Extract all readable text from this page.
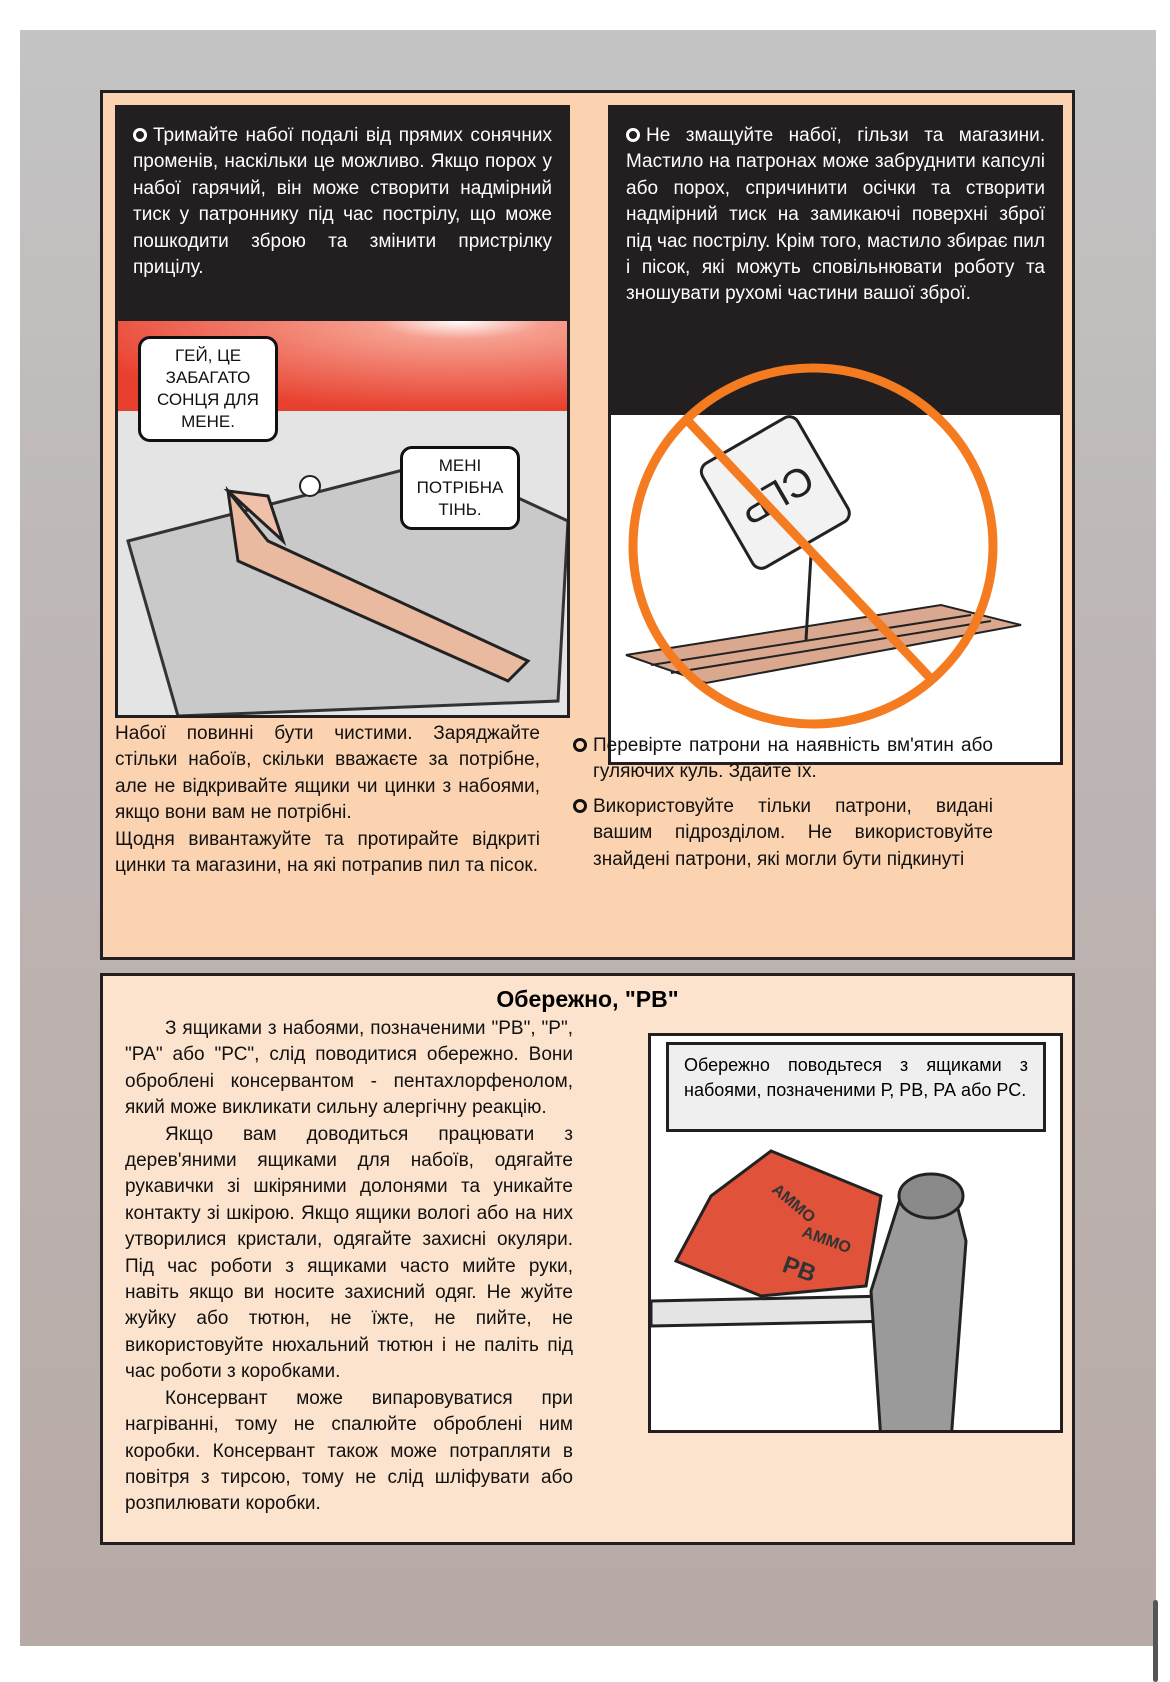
Тримайте набої подалі від прямих сонячних променів, наскільки це можливо. Якщо порох у набої гарячий, він може створити надмірний тиск у патроннику під час пострілу, що може пошкодити зброю та змінити пристрілку прицілу.

ГЕЙ, ЦЕ ЗАБАГАТО СОНЦЯ ДЛЯ МЕНЕ.
МЕНІ ПОТРІБНА ТІНЬ.

Набої повинні бути чистими. Заряджайте стільки набоїв, скільки вважаєте за потрібне, але не відкривайте ящики чи цинки з набоями, якщо вони вам не потрібні.

Щодня вивантажуйте та протирайте відкриті цинки та магазини, на які потрапив пил та пісок.

Не змащуйте набої, гільзи та магазини. Мастило на патронах може забруднити капсулі або порох, спричинити осічки та створити надмірний тиск на замикаючі поверхні зброї під час пострілу. Крім того, мастило збирає пил і пісок, які можуть сповільнювати роботу та зношувати рухомі частини вашої зброї.

CLP

Перевірте патрони на наявність вм'ятин або гуляючих куль. Здайте їх.

Використовуйте тільки патрони, видані вашим підрозділом. Не використовуйте знайдені патрони, які могли бути підкинуті

Обережно, "РВ"

З ящиками з набоями, позначеними "РВ", "Р", "РА" або "РС", слід поводитися обережно. Вони оброблені консервантом - пентахлорфенолом, який може викликати сильну алергічну реакцію.

Якщо вам доводиться працювати з дерев'яними ящиками для набоїв, одягайте рукавички зі шкіряними долонями та уникайте контакту зі шкірою. Якщо ящики вологі або на них утворилися кристали, одягайте захисні окуляри. Під час роботи з ящиками часто мийте руки, навіть якщо ви носите захисний одяг. Не жуйте жуйку або тютюн, не їжте, не пийте, не використовуйте нюхальний тютюн і не паліть під час роботи з коробками.

Консервант може випаровуватися при нагріванні, тому не спалюйте оброблені ним коробки. Консервант також може потрапляти в повітря з тирсою, тому не слід шліфувати або розпилювати коробки.

Обережно поводьтеся з ящиками з набоями, позначеними Р, РВ, РА або РС.
AMMO
AMMO
PB
